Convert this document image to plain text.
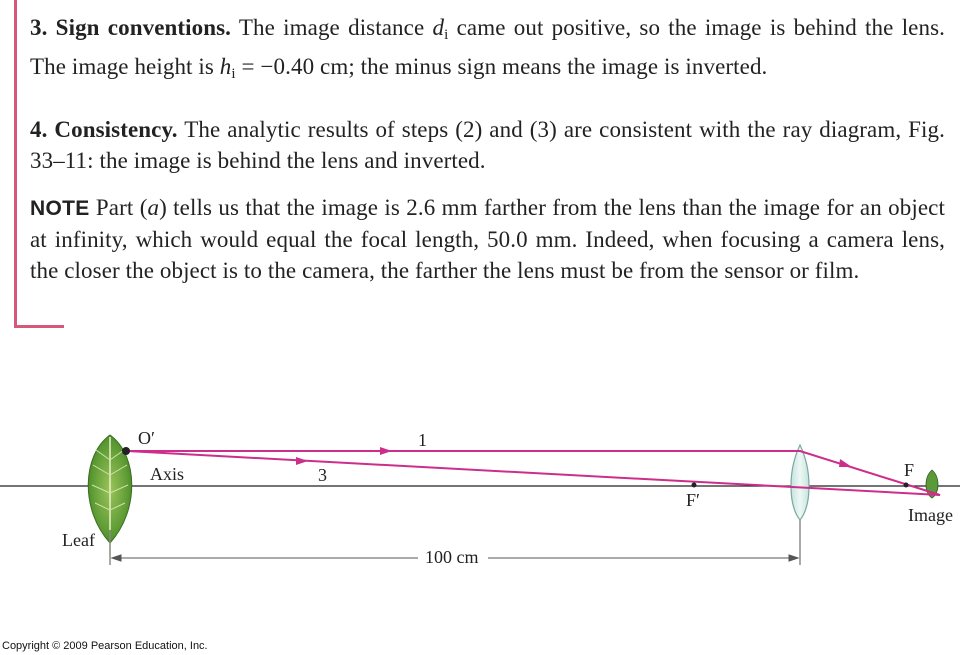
3. Sign conventions. The image distance $d_i$ came out positive, so the image is behind the lens. The image height is $h_i = -0.40$ cm; the minus sign means the image is inverted.
4. Consistency. The analytic results of steps (2) and (3) are consistent with the ray diagram, Fig. 33–11: the image is behind the lens and inverted.
NOTE Part (a) tells us that the image is 2.6 mm farther from the lens than the image for an object at infinity, which would equal the focal length, 50.0 mm. Indeed, when focusing a camera lens, the closer the object is to the camera, the farther the lens must be from the sensor or film.
O′	1
Axis	3
F′
F
Image
Leaf
100 cm
Copyright © 2009 Pearson Education, Inc.
